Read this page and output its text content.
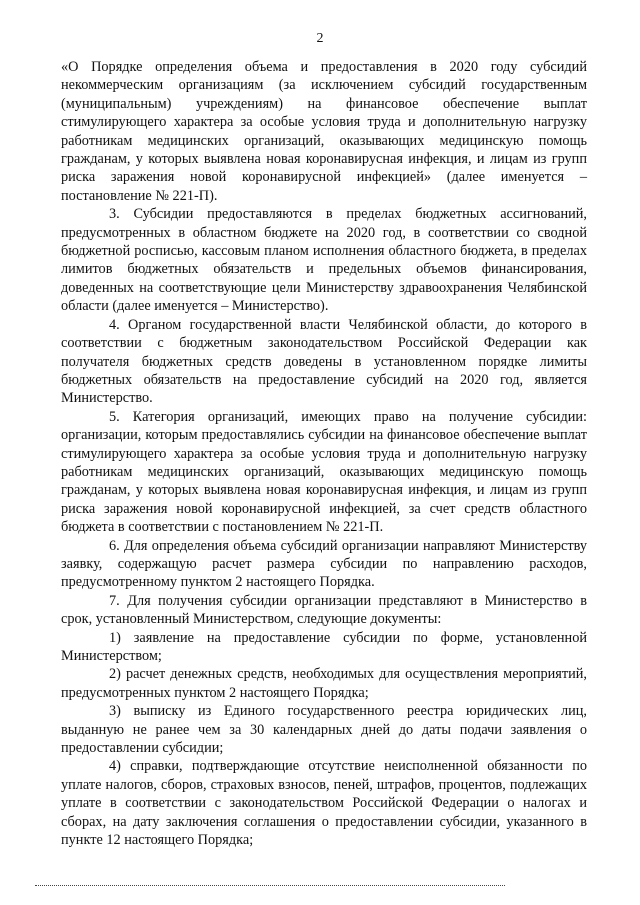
2

«О Порядке определения объема и предоставления в 2020 году субсидий некоммерческим организациям (за исключением субсидий государственным (муниципальным) учреждениям) на финансовое обеспечение выплат стимулирующего характера за особые условия труда и дополнительную нагрузку работникам медицинских организаций, оказывающих медицинскую помощь гражданам, у которых выявлена новая коронавирусная инфекция, и лицам из групп риска заражения новой коронавирусной инфекцией» (далее именуется – постановление № 221-П).

3. Субсидии предоставляются в пределах бюджетных ассигнований, предусмотренных в областном бюджете на 2020 год, в соответствии со сводной бюджетной росписью, кассовым планом исполнения областного бюджета, в пределах лимитов бюджетных обязательств и предельных объемов финансирования, доведенных на соответствующие цели Министерству здравоохранения Челябинской области (далее именуется – Министерство).

4. Органом государственной власти Челябинской области, до которого в соответствии с бюджетным законодательством Российской Федерации как получателя бюджетных средств доведены в установленном порядке лимиты бюджетных обязательств на предоставление субсидий на 2020 год, является Министерство.

5. Категория организаций, имеющих право на получение субсидии: организации, которым предоставлялись субсидии на финансовое обеспечение выплат стимулирующего характера за особые условия труда и дополнительную нагрузку работникам медицинских организаций, оказывающих медицинскую помощь гражданам, у которых выявлена новая коронавирусная инфекция, и лицам из групп риска заражения новой коронавирусной инфекцией, за счет средств областного бюджета в соответствии с постановлением № 221-П.

6. Для определения объема субсидий организации направляют Министерству заявку, содержащую расчет размера субсидии по направлению расходов, предусмотренному пунктом 2 настоящего Порядка.

7. Для получения субсидии организации представляют в Министерство в срок, установленный Министерством, следующие документы:

1) заявление на предоставление субсидии по форме, установленной Министерством;

2) расчет денежных средств, необходимых для осуществления мероприятий, предусмотренных пунктом 2 настоящего Порядка;

3) выписку из Единого государственного реестра юридических лиц, выданную не ранее чем за 30 календарных дней до даты подачи заявления о предоставлении субсидии;

4) справки, подтверждающие отсутствие неисполненной обязанности по уплате налогов, сборов, страховых взносов, пеней, штрафов, процентов, подлежащих уплате в соответствии с законодательством Российской Федерации о налогах и сборах, на дату заключения соглашения о предоставлении субсидии, указанного в пункте 12 настоящего Порядка;
